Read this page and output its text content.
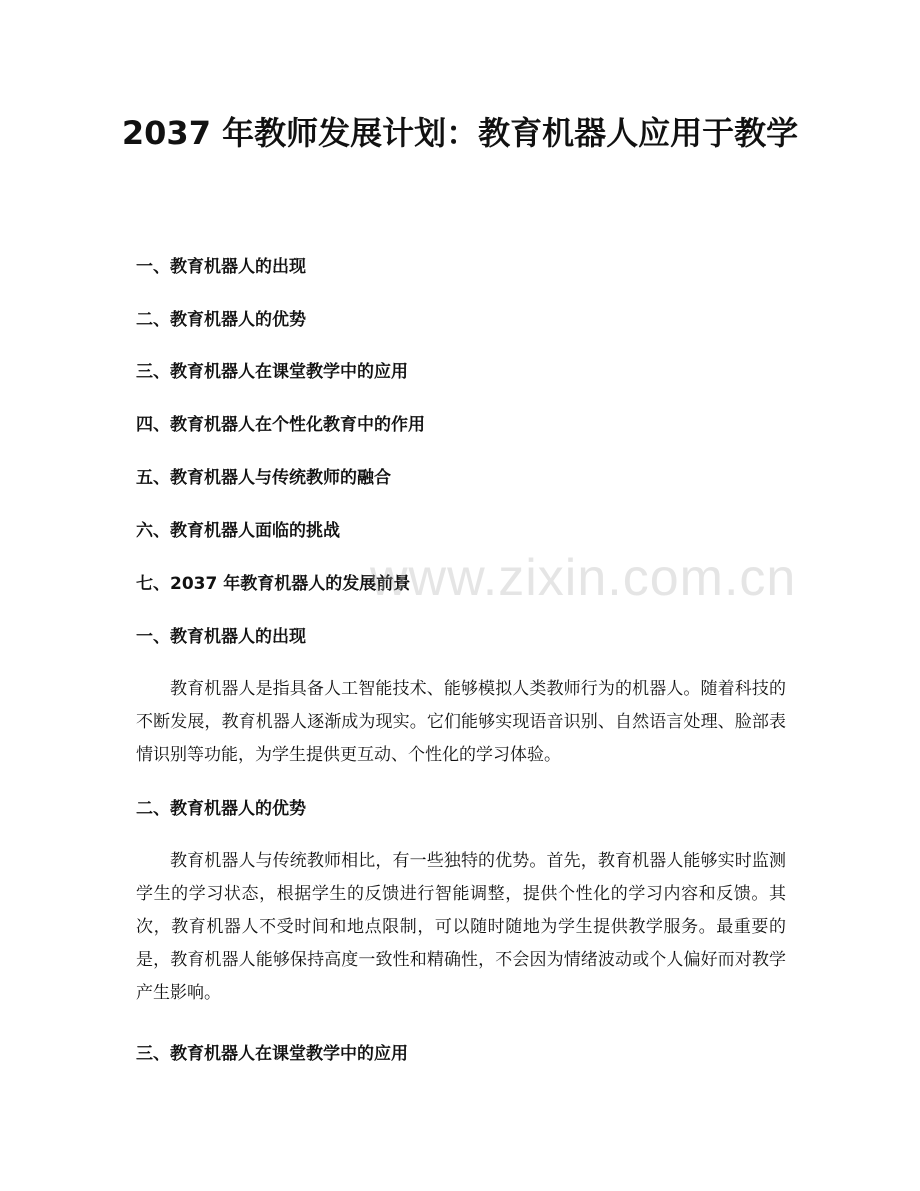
2037 年教师发展计划：教育机器人应用于教学
一、教育机器人的出现
二、教育机器人的优势
三、教育机器人在课堂教学中的应用
四、教育机器人在个性化教育中的作用
五、教育机器人与传统教师的融合
六、教育机器人面临的挑战
七、2037 年教育机器人的发展前景
www.zixin.com.cn
一、教育机器人的出现

教育机器人是指具备人工智能技术、能够模拟人类教师行为的机器人。随着科技的不断发展，教育机器人逐渐成为现实。它们能够实现语音识别、自然语言处理、脸部表情识别等功能，为学生提供更互动、个性化的学习体验。

二、教育机器人的优势

教育机器人与传统教师相比，有一些独特的优势。首先，教育机器人能够实时监测学生的学习状态，根据学生的反馈进行智能调整，提供个性化的学习内容和反馈。其次，教育机器人不受时间和地点限制，可以随时随地为学生提供教学服务。最重要的是，教育机器人能够保持高度一致性和精确性，不会因为情绪波动或个人偏好而对教学产生影响。

三、教育机器人在课堂教学中的应用
